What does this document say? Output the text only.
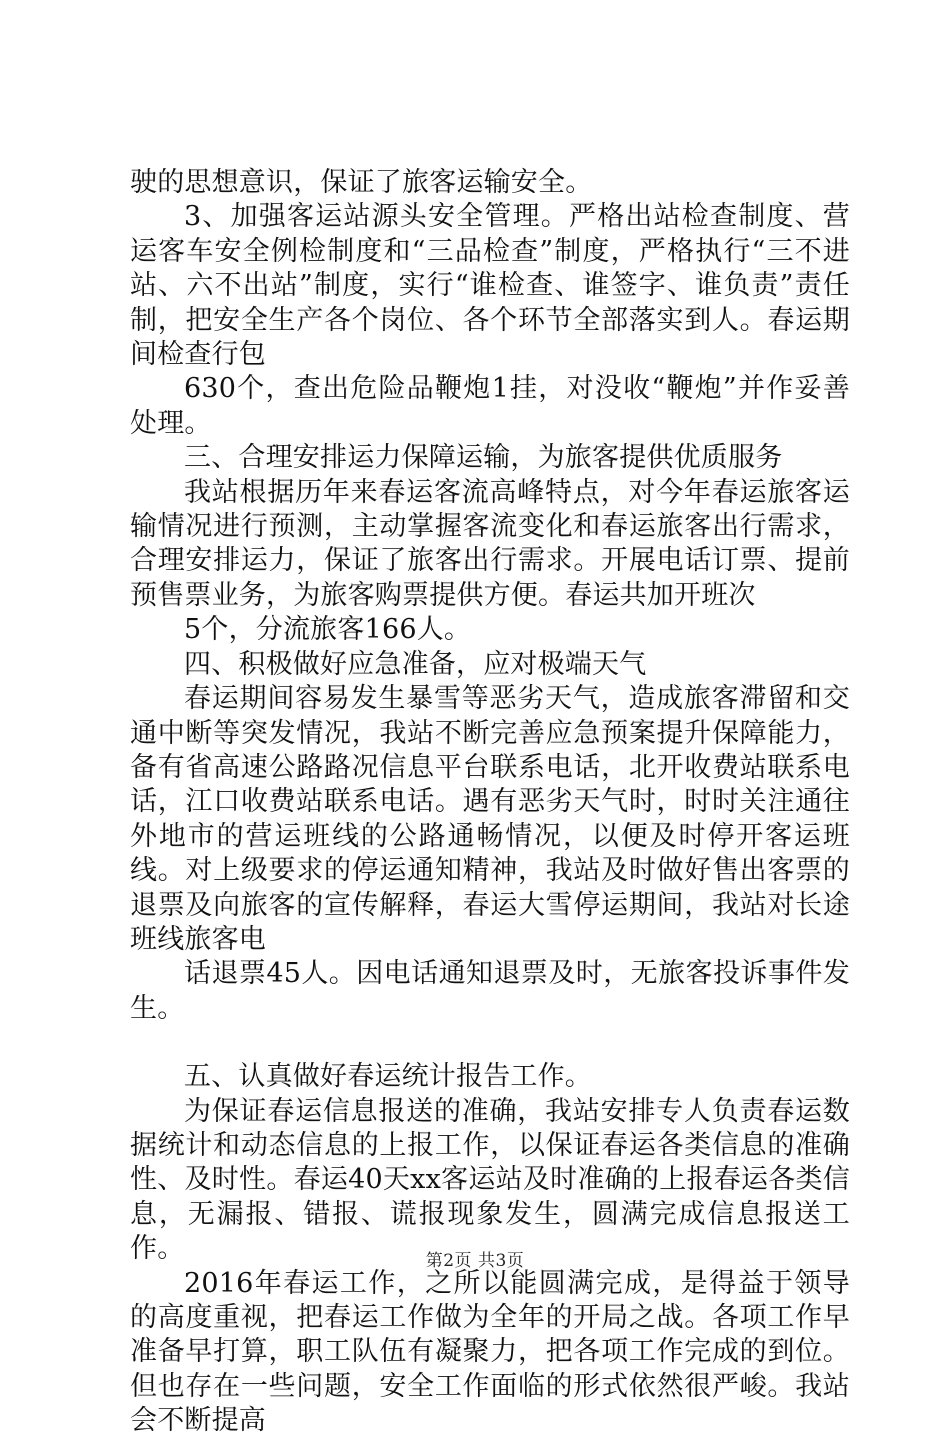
驶的思想意识，保证了旅客运输安全。

3、加强客运站源头安全管理。严格出站检查制度、营运客车安全例检制度和“三品检查”制度，严格执行“三不进站、六不出站”制度，实行“谁检查、谁签字、谁负责”责任制，把安全生产各个岗位、各个环节全部落实到人。春运期间检查行包

630个，查出危险品鞭炮1挂，对没收“鞭炮”并作妥善处理。

三、合理安排运力保障运输，为旅客提供优质服务

我站根据历年来春运客流高峰特点，对今年春运旅客运输情况进行预测，主动掌握客流变化和春运旅客出行需求，合理安排运力，保证了旅客出行需求。开展电话订票、提前预售票业务，为旅客购票提供方便。春运共加开班次

5个，分流旅客166人。

四、积极做好应急准备，应对极端天气

春运期间容易发生暴雪等恶劣天气，造成旅客滞留和交通中断等突发情况，我站不断完善应急预案提升保障能力，备有省高速公路路况信息平台联系电话，北开收费站联系电话，江口收费站联系电话。遇有恶劣天气时，时时关注通往外地市的营运班线的公路通畅情况，以便及时停开客运班线。对上级要求的停运通知精神，我站及时做好售出客票的退票及向旅客的宣传解释，春运大雪停运期间，我站对长途班线旅客电

话退票45人。因电话通知退票及时，无旅客投诉事件发生。

五、认真做好春运统计报告工作。

为保证春运信息报送的准确，我站安排专人负责春运数据统计和动态信息的上报工作，以保证春运各类信息的准确性、及时性。春运40天xx客运站及时准确的上报春运各类信息，无漏报、错报、谎报现象发生，圆满完成信息报送工作。

2016年春运工作，之所以能圆满完成，是得益于领导的高度重视，把春运工作做为全年的开局之战。各项工作早准备早打算，职工队伍有凝聚力，把各项工作完成的到位。但也存在一些问题，安全工作面临的形式依然很严峻。我站会不断提高

第2页 共3页
